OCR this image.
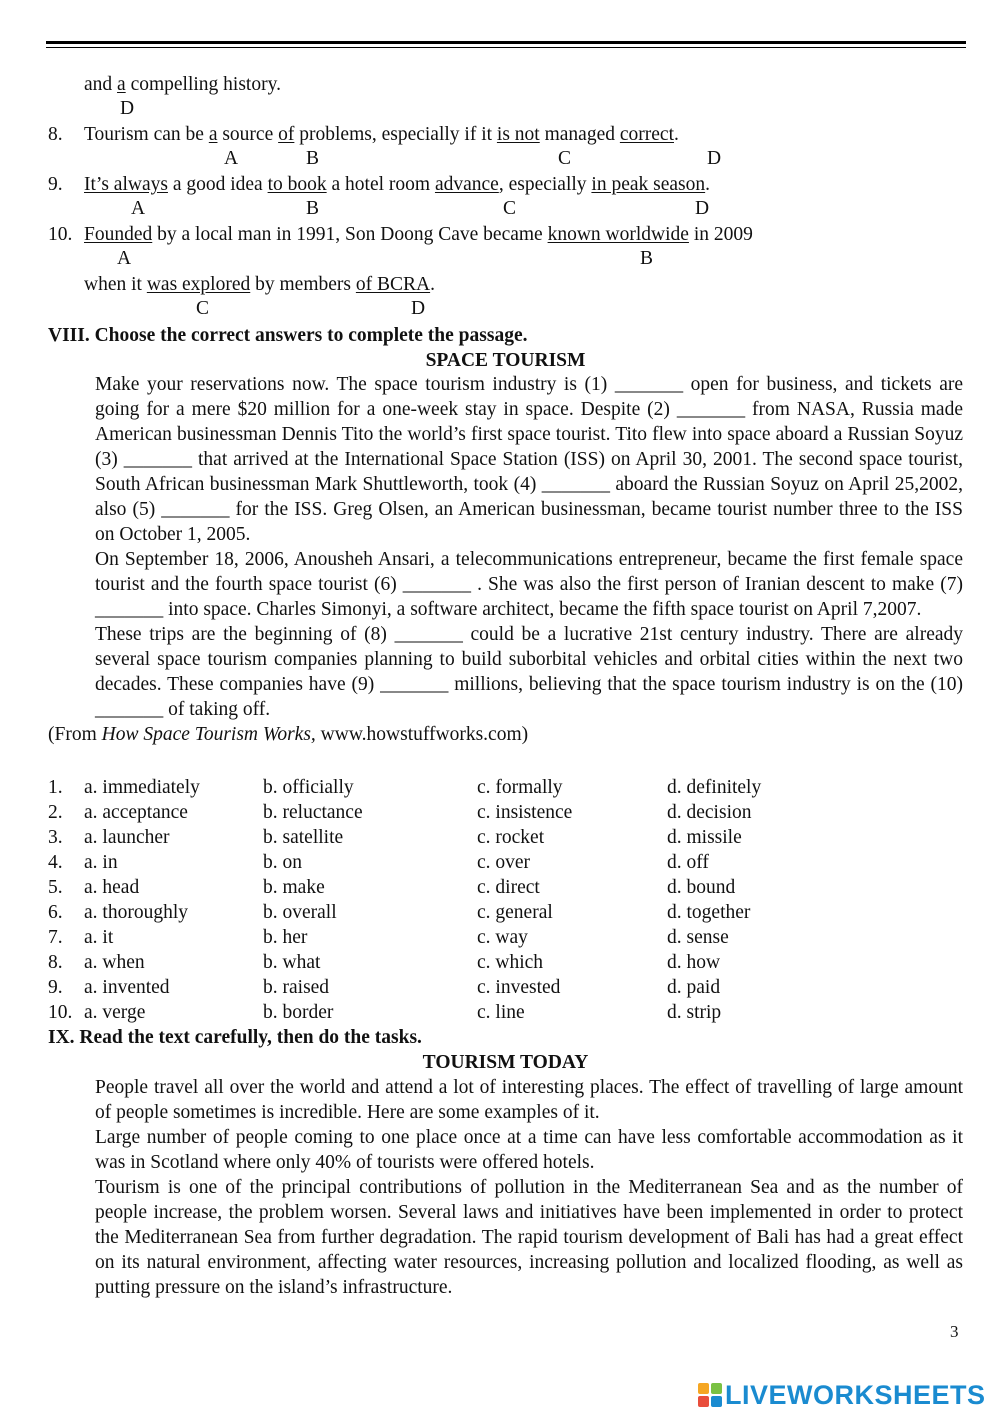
and a compelling history.
D
8. Tourism can be a source of problems, especially if it is not managed correct.
A	B	C	D
9. It’s always a good idea to book a hotel room advance, especially in peak season.
A	B	C	D
10. Founded by a local man in 1991, Son Doong Cave became known worldwide in 2009
A	B
when it was explored by members of BCRA.
C	D
VIII. Choose the correct answers to complete the passage.
SPACE TOURISM

Make your reservations now. The space tourism industry is (1) _______ open for business, and tickets are going for a mere $20 million for a one-week stay in space. Despite (2) _______ from NASA, Russia made American businessman Dennis Tito the world’s first space tourist. Tito flew into space aboard a Russian Soyuz (3) _______ that arrived at the International Space Station (ISS) on April 30, 2001. The second space tourist, South African businessman Mark Shuttleworth, took (4) _______ aboard the Russian Soyuz on April 25,2002, also (5) _______ for the ISS. Greg Olsen, an American businessman, became tourist number three to the ISS on October 1, 2005.

On September 18, 2006, Anousheh Ansari, a telecommunications entrepreneur, became the first female space tourist and the fourth space tourist (6) _______ . She was also the first person of Iranian descent to make (7) _______ into space. Charles Simonyi, a software architect, became the fifth space tourist on April 7,2007.

These trips are the beginning of (8) _______ could be a lucrative 21st century industry. There are already several space tourism companies planning to build suborbital vehicles and orbital cities within the next two decades. These companies have (9) _______ millions, believing that the space tourism industry is on the (10) _______ of taking off.

(From How Space Tourism Works, www.howstuffworks.com)

1. a. immediately	b. officially	c. formally	d. definitely
2. a. acceptance	b. reluctance	c. insistence	d. decision
3. a. launcher	b. satellite	c. rocket	d. missile
4. a. in	b. on	c. over	d. off
5. a. head	b. make	c. direct	d. bound
6. a. thoroughly	b. overall	c. general	d. together
7. a. it	b. her	c. way	d. sense
8. a. when	b. what	c. which	d. how
9. a. invented	b. raised	c. invested	d. paid
10. a. verge	b. border	c. line	d. strip
IX. Read the text carefully, then do the tasks.
TOURISM TODAY

People travel all over the world and attend a lot of interesting places. The effect of travelling of large amount of people sometimes is incredible. Here are some examples of it.

Large number of people coming to one place once at a time can have less comfortable accommodation as it was in Scotland where only 40% of tourists were offered hotels.

Tourism is one of the principal contributions of pollution in the Mediterranean Sea and as the number of people increase, the problem worsen. Several laws and initiatives have been implemented in order to protect the Mediterranean Sea from further degradation. The rapid tourism development of Bali has had a great effect on its natural environment, affecting water resources, increasing pollution and localized flooding, as well as putting pressure on the island’s infrastructure.

3
LIVEWORKSHEETS
